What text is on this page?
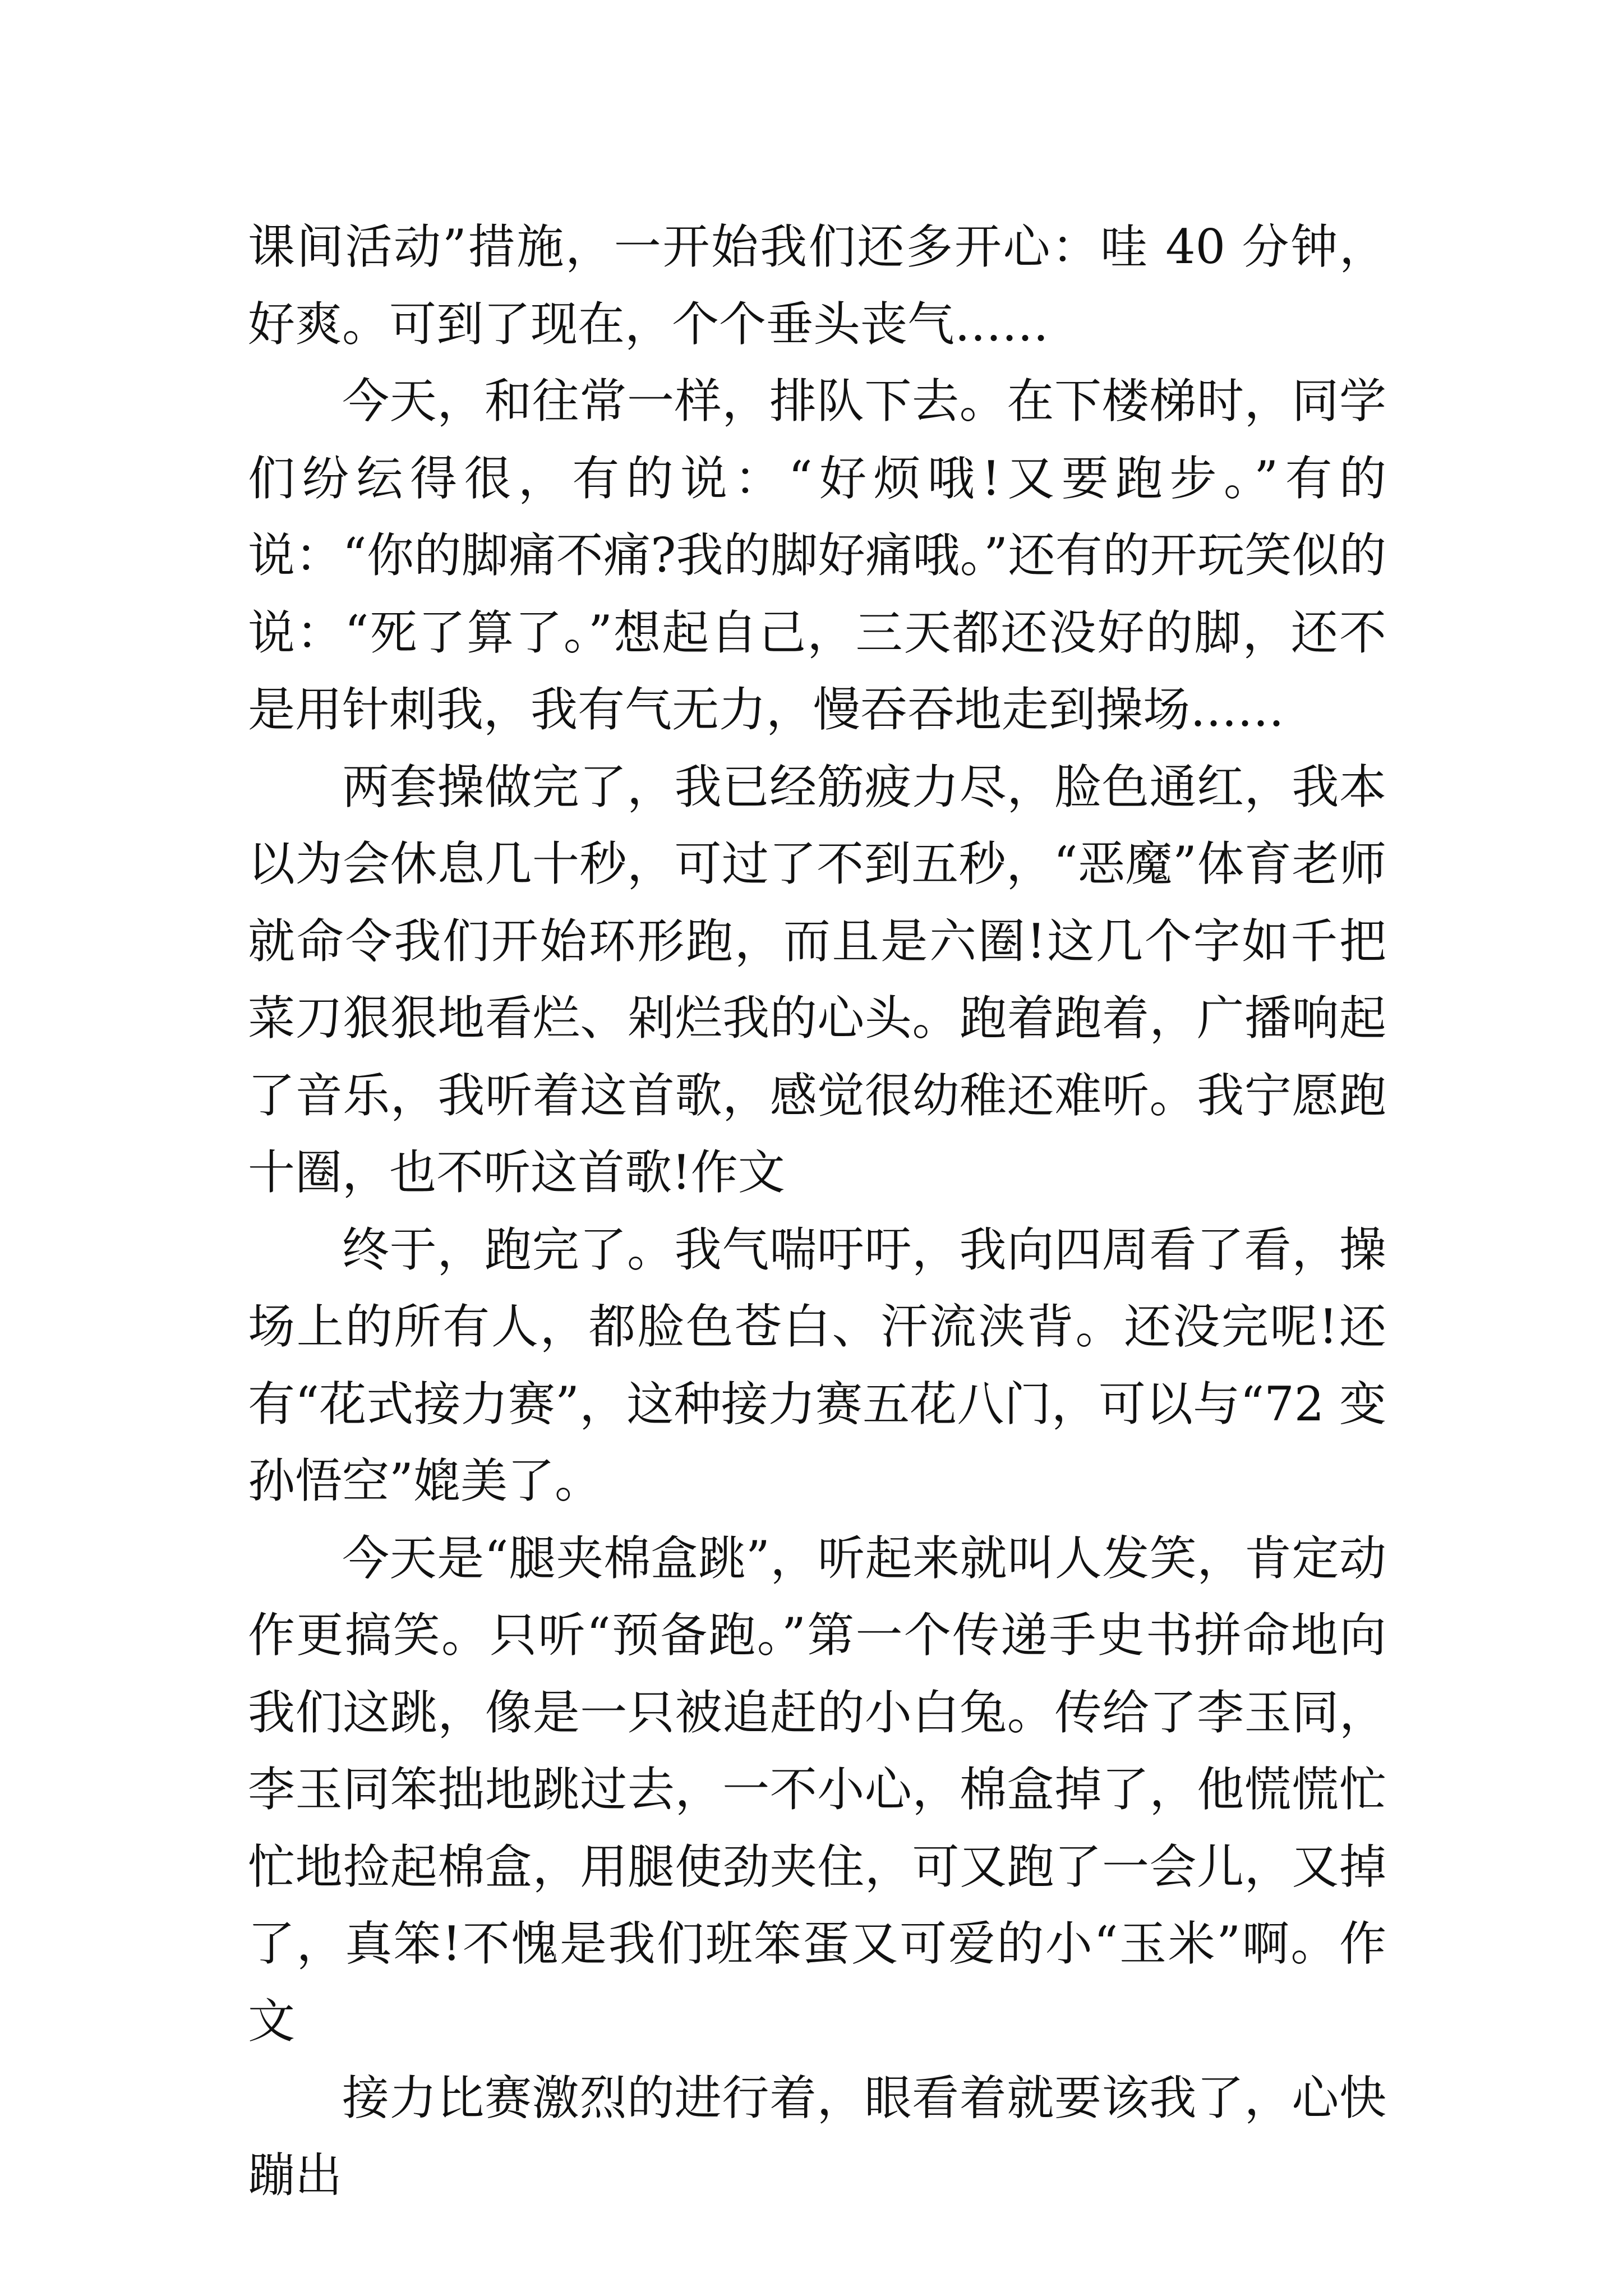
课间活动”措施，一开始我们还多开心：哇 40 分钟，好爽。可到了现在，个个垂头丧气……

今天，和往常一样，排队下去。在下楼梯时，同学们纷纭得很，有的说：“好烦哦!又要跑步。”有的说：“你的脚痛不痛?我的脚好痛哦。”还有的开玩笑似的说：“死了算了。”想起自己，三天都还没好的脚，还不是用针刺我，我有气无力，慢吞吞地走到操场……

两套操做完了，我已经筋疲力尽，脸色通红，我本以为会休息几十秒，可过了不到五秒，“恶魔”体育老师就命令我们开始环形跑，而且是六圈!这几个字如千把菜刀狠狠地看烂、剁烂我的心头。跑着跑着，广播响起了音乐，我听着这首歌，感觉很幼稚还难听。我宁愿跑十圈，也不听这首歌!作文

终于，跑完了。我气喘吁吁，我向四周看了看，操场上的所有人，都脸色苍白、汗流浃背。还没完呢!还有“花式接力赛”，这种接力赛五花八门，可以与“72 变孙悟空”媲美了。

今天是“腿夹棉盒跳”，听起来就叫人发笑，肯定动作更搞笑。只听“预备跑。”第一个传递手史书拼命地向我们这跳，像是一只被追赶的小白兔。传给了李玉同，李玉同笨拙地跳过去，一不小心，棉盒掉了，他慌慌忙忙地捡起棉盒，用腿使劲夹住，可又跑了一会儿，又掉了，真笨!不愧是我们班笨蛋又可爱的小“玉米”啊。作文

接力比赛激烈的进行着，眼看着就要该我了，心快蹦出
